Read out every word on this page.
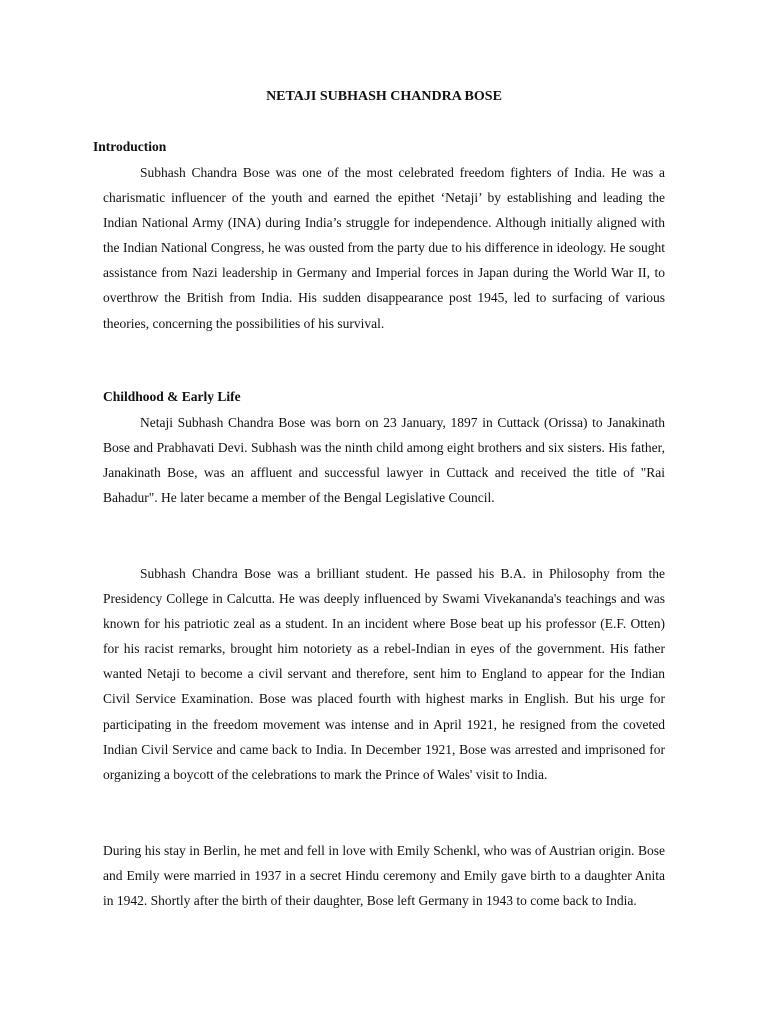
NETAJI SUBHASH CHANDRA BOSE
Introduction

Subhash Chandra Bose was one of the most celebrated freedom fighters of India. He was a charismatic influencer of the youth and earned the epithet ‘Netaji’ by establishing and leading the Indian National Army (INA) during India’s struggle for independence. Although initially aligned with the Indian National Congress, he was ousted from the party due to his difference in ideology. He sought assistance from Nazi leadership in Germany and Imperial forces in Japan during the World War II, to overthrow the British from India. His sudden disappearance post 1945, led to surfacing of various theories, concerning the possibilities of his survival.

Childhood & Early Life

Netaji Subhash Chandra Bose was born on 23 January, 1897 in Cuttack (Orissa) to Janakinath Bose and Prabhavati Devi. Subhash was the ninth child among eight brothers and six sisters. His father, Janakinath Bose, was an affluent and successful lawyer in Cuttack and received the title of "Rai Bahadur". He later became a member of the Bengal Legislative Council.

Subhash Chandra Bose was a brilliant student. He passed his B.A. in Philosophy from the Presidency College in Calcutta. He was deeply influenced by Swami Vivekananda's teachings and was known for his patriotic zeal as a student. In an incident where Bose beat up his professor (E.F. Otten) for his racist remarks, brought him notoriety as a rebel-Indian in eyes of the government. His father wanted Netaji to become a civil servant and therefore, sent him to England to appear for the Indian Civil Service Examination. Bose was placed fourth with highest marks in English. But his urge for participating in the freedom movement was intense and in April 1921, he resigned from the coveted Indian Civil Service and came back to India. In December 1921, Bose was arrested and imprisoned for organizing a boycott of the celebrations to mark the Prince of Wales' visit to India.

During his stay in Berlin, he met and fell in love with Emily Schenkl, who was of Austrian origin. Bose and Emily were married in 1937 in a secret Hindu ceremony and Emily gave birth to a daughter Anita in 1942. Shortly after the birth of their daughter, Bose left Germany in 1943 to come back to India.
